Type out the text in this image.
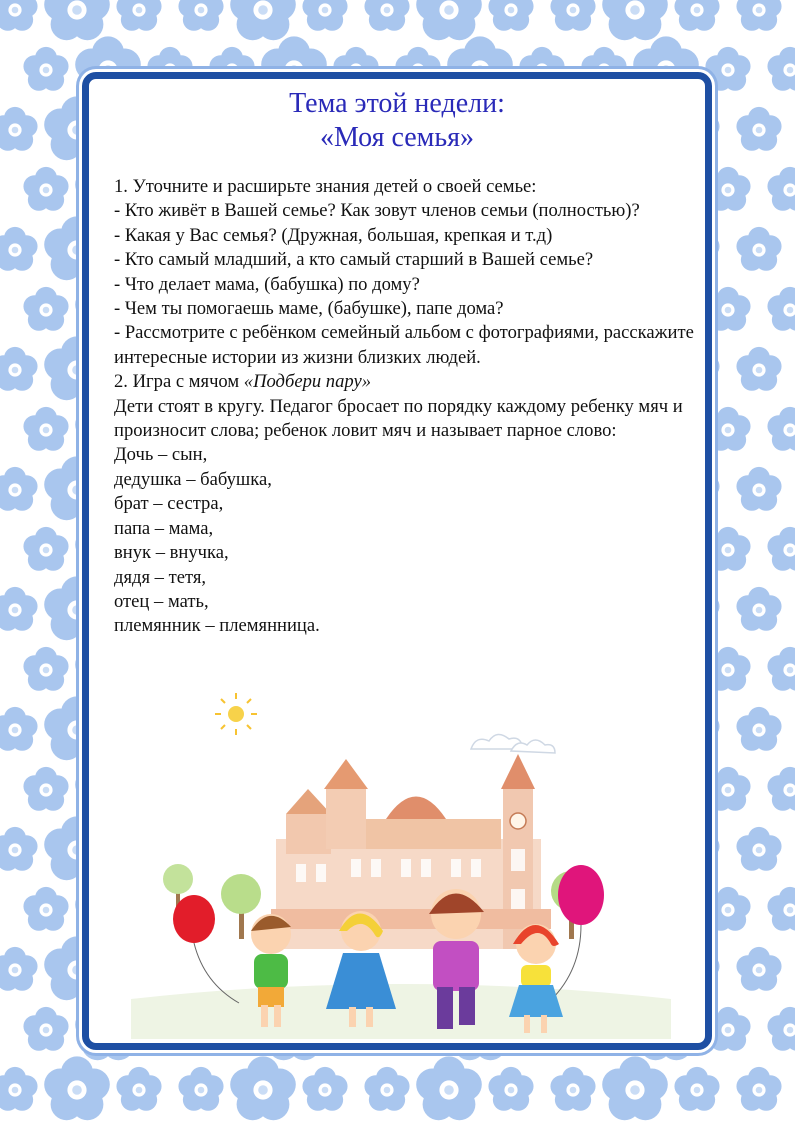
Тема этой недели:
«Моя семья»

1. Уточните и расширьте знания детей о своей семье:

- Кто живёт в Вашей семье? Как зовут членов семьи (полностью)?

- Какая у Вас семья? (Дружная, большая, крепкая и т.д)

- Кто самый младший, а кто самый старший в Вашей семье?

- Что делает мама, (бабушка) по дому?

- Чем ты помогаешь маме, (бабушке), папе дома?

- Рассмотрите с ребёнком семейный альбом с фотографиями, расскажите интересные истории из жизни близких людей.

2. Игра с мячом «Подбери пару»

Дети стоят в кругу. Педагог бросает по порядку каждому ребенку мяч и произносит слова; ребенок ловит мяч и называет парное слово:

Дочь – сын,

дедушка – бабушка,

брат – сестра,

папа – мама,

внук – внучка,

дядя – тетя,

отец – мать,

племянник – племянница.
